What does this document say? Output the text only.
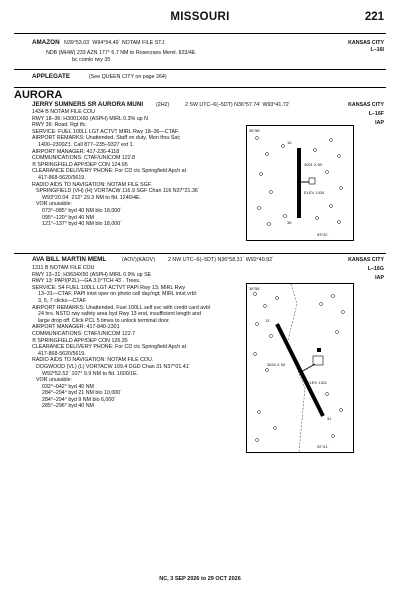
MISSOURI	221
AMAZON N39°53.03´ W94°54.49´ NOTAM FILE STJ.	KANSAS CITY
L–16I
NDB (MHW) 233 AZN 177° 6.7 NM to Rosecrans Meml. 823/4E.
bc comlo rwy 35
APPLEGATE	(See QUEEN CITY on page 264)
AURORA
JERRY SUMNERS SR AURORA MUNI (2H2)	2 SW UTC–6(–5DT) N36°57.74´ W93°41.72´	KANSAS CITY
L–16F
IAP
1434 B NOTAM FILE COU
RWY 18–36: H3001X60 (ASPH) MIRL 0.3% up N
RWY 36: Road. Rgt tfc.
SERVICE: FUEL 100LL LGT ACTVT MIRL Rwy 18–36—CTAF.
AIRPORT REMARKS: Unattended. Staff on duty, Mon thru Sat;
1400–2300Z‡. Call 877–235–9327 ext 1.
AIRPORT MANAGER: 417-236-4118
COMMUNICATIONS: CTAF/UNICOM 122.8
® SPRINGFIELD APP/DEP CON 124.95
CLEARANCE DELIVERY PHONE: For CD ctc Springfield Apch at
417-868-5620/5619.
RADIO AIDS TO NAVIGATION: NOTAM FILE SGF.
SPRINGFIELD (VH) (H) VORTACW 116.9 SGF Chan 116 N37°21.36´
W93°20.04´ 212° 29.3 NM to fld. 1240/4E.
VOR unusable:
073°–085° byd 40 NM blo 18,000´
095°–120° byd 40 NM
121°–137° byd 40 NM blo 18,000´
18
36
3001 X 60
ELEV 1434
36°58´
93°42´
AVA BILL MARTIN MEML	(AOV)(KAOV) 2 NW UTC–6(–5DT) N36°58.31´ W92°40.92´	KANSAS CITY
L–16G
IAP
1311 B NOTAM FILE COU
RWY 13–31: H3634X50 (ASPH) MIRL 0.9% up SE
RWY 13: PAPI(P2L)—GA 3.0°TCH 43´. Trees.
SERVICE: S4 FUEL 100LL LGT ACTVT PAPI Rwy 13; MIRL Rwy
13–31—CTAF. PAPI intst oper on photo cell day/ngt; MIRL intst vrbl:
3, 5, 7 clicks—CTAF.
AIRPORT REMARKS: Unattended. Fuel 100LL self svc with credit card avbl
24 hrs. NSTD rwy safety area byd Rwy 13 end, insufficient length and
large drop off. Click PCL 5 times to unlock terminal door.
AIRPORT MANAGER: 417-840-2301
COMMUNICATIONS: CTAF/UNICOM 122.7
® SPRINGFIELD APP/DEP CON 126.35
CLEARANCE DELIVERY PHONE: For CD ctc Springfield Apch at
417-868-5620/5619.
RADIO AIDS TO NAVIGATION: NOTAM FILE COU.
DOGWOOD (VL) (L) VORTACW 109.4 DGD Chan 31 N37°01.41´
W92°52.52´ 107° 9.9 NM to fld. 1600/1E.
VOR unusable:
032°–042° byd 40 NM
284°–294° byd 21 NM blo 10,000´
284°–294° byd 9 NM blo 6,000´
285°–296° byd 40 NM
13
31
3634 X 50
ELEV 1311
36°58´
92°41´
NC, 3 SEP 2026 to 29 OCT 2026
